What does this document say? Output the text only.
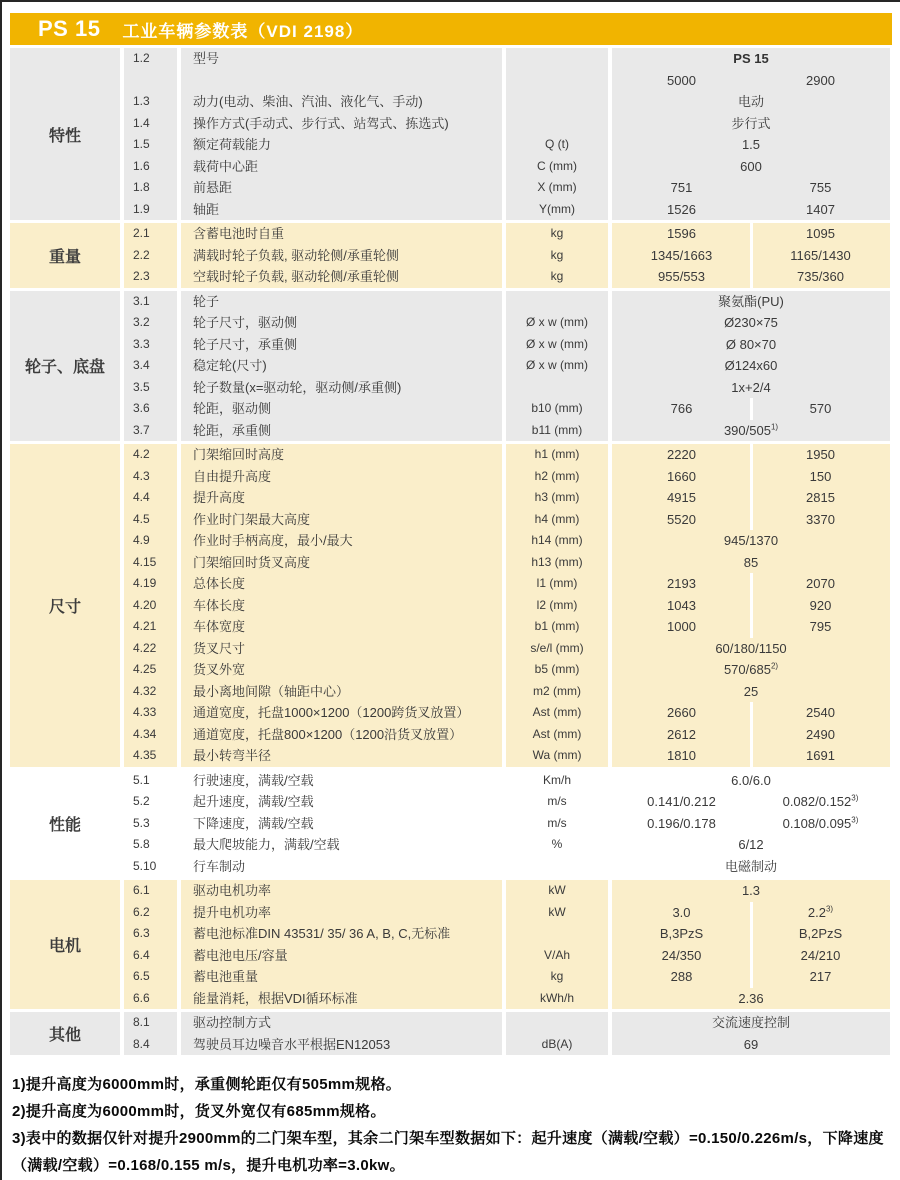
PS 15 工业车辆参数表（VDI 2198）
特性
1.2	型号	PS 15
5000	2900
1.3	动力(电动、柴油、汽油、液化气、手动)	电动
1.4	操作方式(手动式、步行式、站驾式、拣选式)	步行式
1.5	额定荷载能力	Q (t)	1.5
1.6	载荷中心距	C (mm)	600
1.8	前悬距	X (mm)	751	755
1.9	轴距	Y(mm)	1526	1407
重量
2.1	含蓄电池时自重	kg	1596	1095
2.2	满载时轮子负载, 驱动轮侧/承重轮侧	kg	1345/1663	1165/1430
2.3	空载时轮子负载, 驱动轮侧/承重轮侧	kg	955/553	735/360
轮子、底盘
3.1	轮子	聚氨酯(PU)
3.2	轮子尺寸，驱动侧	Ø x w (mm)	Ø230×75
3.3	轮子尺寸，承重侧	Ø x w (mm)	Ø 80×70
3.4	稳定轮(尺寸)	Ø x w (mm)	Ø124x60
3.5	轮子数量(x=驱动轮，驱动侧/承重侧)	1x+2/4
3.6	轮距，驱动侧	b10 (mm)	766	570
3.7	轮距，承重侧	b11 (mm)	390/505$^{1)}$
尺寸
4.2	门架缩回时高度	h1 (mm)	2220	1950
4.3	自由提升高度	h2 (mm)	1660	150
4.4	提升高度	h3 (mm)	4915	2815
4.5	作业时门架最大高度	h4 (mm)	5520	3370
4.9	作业时手柄高度，最小/最大	h14 (mm)	945/1370
4.15	门架缩回时货叉高度	h13 (mm)	85
4.19	总体长度	l1 (mm)	2193	2070
4.20	车体长度	l2 (mm)	1043	920
4.21	车体宽度	b1 (mm)	1000	795
4.22	货叉尺寸	s/e/l (mm)	60/180/1150
4.25	货叉外宽	b5 (mm)	570/685$^{2)}$
4.32	最小离地间隙（轴距中心）	m2 (mm)	25
4.33	通道宽度，托盘1000×1200（1200跨货叉放置）	Ast (mm)	2660	2540
4.34	通道宽度，托盘800×1200（1200沿货叉放置）	Ast (mm)	2612	2490
4.35	最小转弯半径	Wa (mm)	1810	1691
性能
5.1	行驶速度，满载/空载	Km/h	6.0/6.0
5.2	起升速度，满载/空载	m/s	0.141/0.212	0.082/0.152$^{3)}$
5.3	下降速度，满载/空载	m/s	0.196/0.178	0.108/0.095$^{3)}$
5.8	最大爬坡能力，满载/空载	%	6/12
5.10	行车制动	电磁制动
电机
6.1	驱动电机功率	kW	1.3
6.2	提升电机功率	kW	3.0	2.2$^{3)}$
6.3	蓄电池标准DIN 43531/ 35/ 36 A, B, C,无标准	B,3PzS	B,2PzS
6.4	蓄电池电压/容量	V/Ah	24/350	24/210
6.5	蓄电池重量	kg	288	217
6.6	能量消耗，根据VDI循环标准	kWh/h	2.36
其他
8.1	驱动控制方式	交流速度控制
8.4	驾驶员耳边噪音水平根据EN12053	dB(A)	69
1)提升高度为6000mm时，承重侧轮距仅有505mm规格。
2)提升高度为6000mm时，货叉外宽仅有685mm规格。
3)表中的数据仅针对提升2900mm的二门架车型，其余二门架车型数据如下：起升速度（满载/空载）=0.150/0.226m/s，下降速度（满载/空载）=0.168/0.155 m/s，提升电机功率=3.0kw。
